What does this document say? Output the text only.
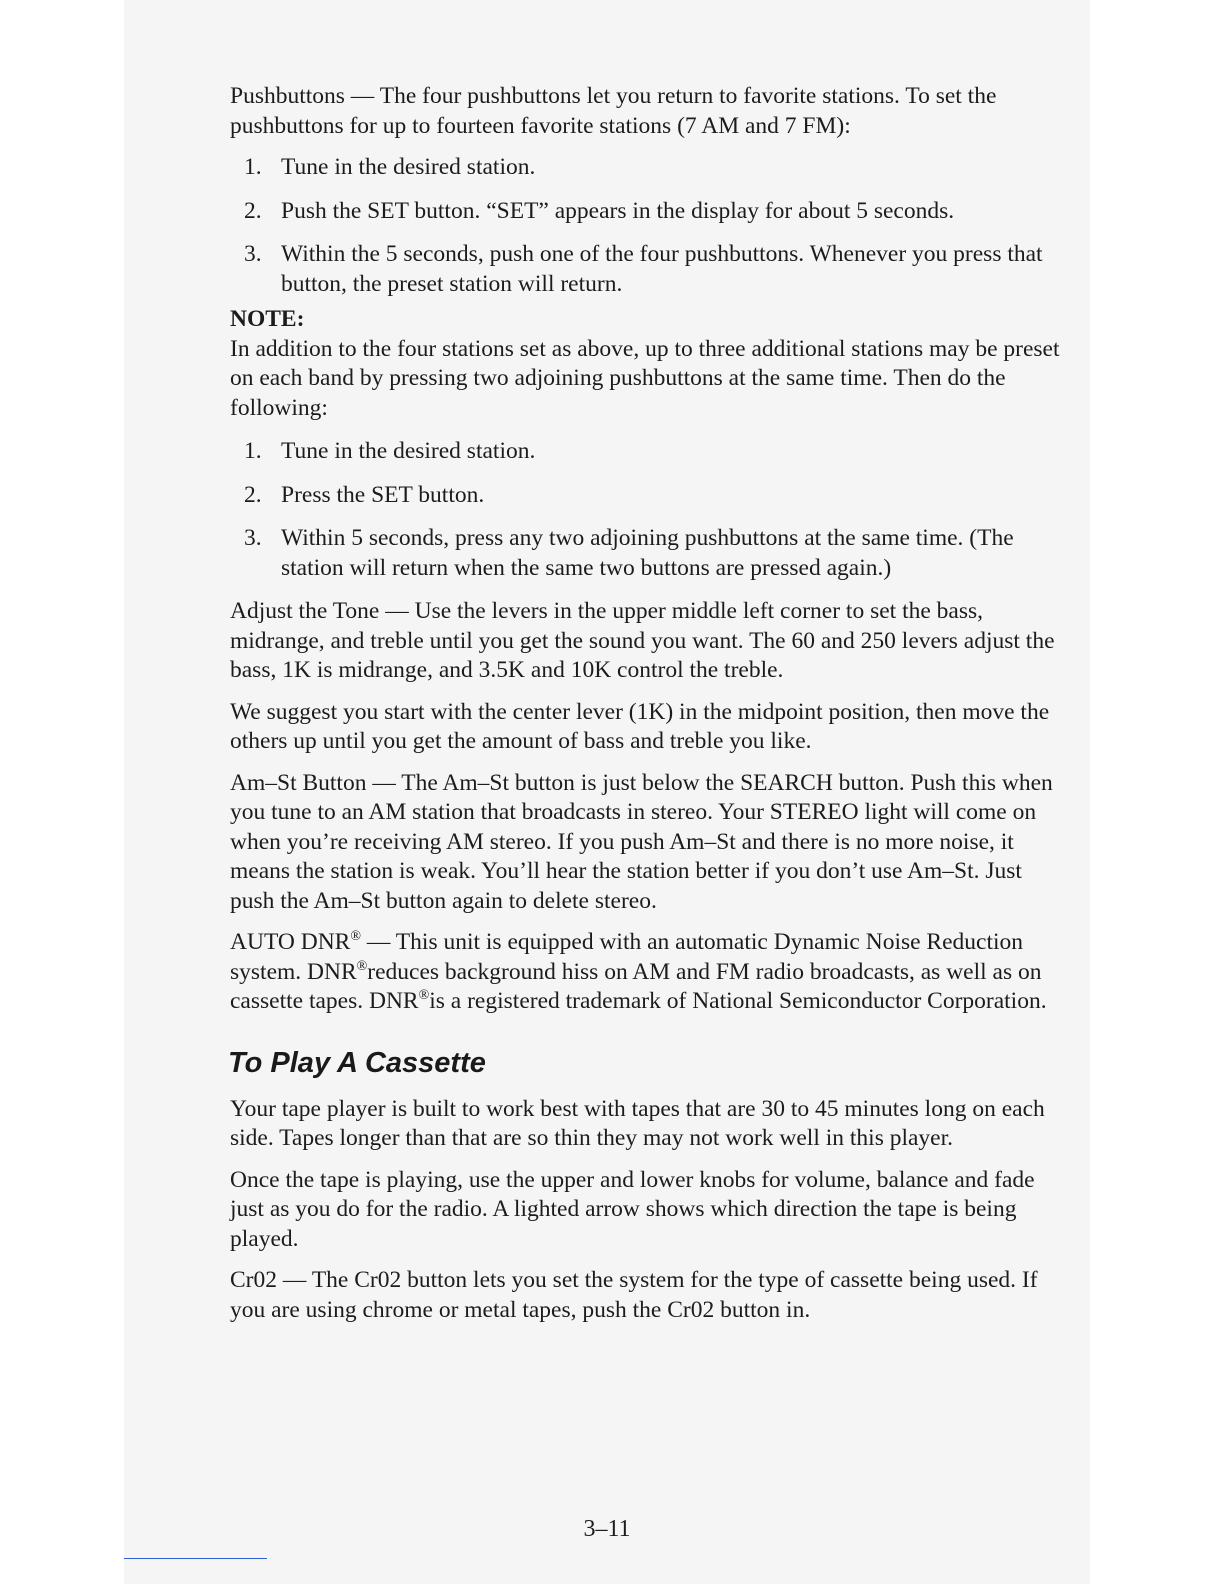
Pushbuttons — The four pushbuttons let you return to favorite stations. To set the pushbuttons for up to fourteen favorite stations (7 AM and 7 FM):

1. Tune in the desired station.
2. Push the SET button. “SET” appears in the display for about 5 seconds.
3. Within the 5 seconds, push one of the four pushbuttons. Whenever you press that button, the preset station will return.
NOTE:

In addition to the four stations set as above, up to three additional stations may be preset on each band by pressing two adjoining pushbuttons at the same time. Then do the following:

1. Tune in the desired station.
2. Press the SET button.
3. Within 5 seconds, press any two adjoining pushbuttons at the same time. (The station will return when the same two buttons are pressed again.)

Adjust the Tone — Use the levers in the upper middle left corner to set the bass, midrange, and treble until you get the sound you want. The 60 and 250 levers adjust the bass, 1K is midrange, and 3.5K and 10K control the treble.

We suggest you start with the center lever (1K) in the midpoint position, then move the others up until you get the amount of bass and treble you like.

Am–St Button — The Am–St button is just below the SEARCH button. Push this when you tune to an AM station that broadcasts in stereo. Your STEREO light will come on when you’re receiving AM stereo. If you push Am–St and there is no more noise, it means the station is weak. You’ll hear the station better if you don’t use Am–St. Just push the Am–St button again to delete stereo.

AUTO DNR® — This unit is equipped with an automatic Dynamic Noise Reduction system. DNR®reduces background hiss on AM and FM radio broadcasts, as well as on cassette tapes. DNR®is a registered trademark of National Semiconductor Corporation.

To Play A Cassette

Your tape player is built to work best with tapes that are 30 to 45 minutes long on each side. Tapes longer than that are so thin they may not work well in this player.

Once the tape is playing, use the upper and lower knobs for volume, balance and fade just as you do for the radio. A lighted arrow shows which direction the tape is being played.

Cr02 — The Cr02 button lets you set the system for the type of cassette being used. If you are using chrome or metal tapes, push the Cr02 button in.

3–11
